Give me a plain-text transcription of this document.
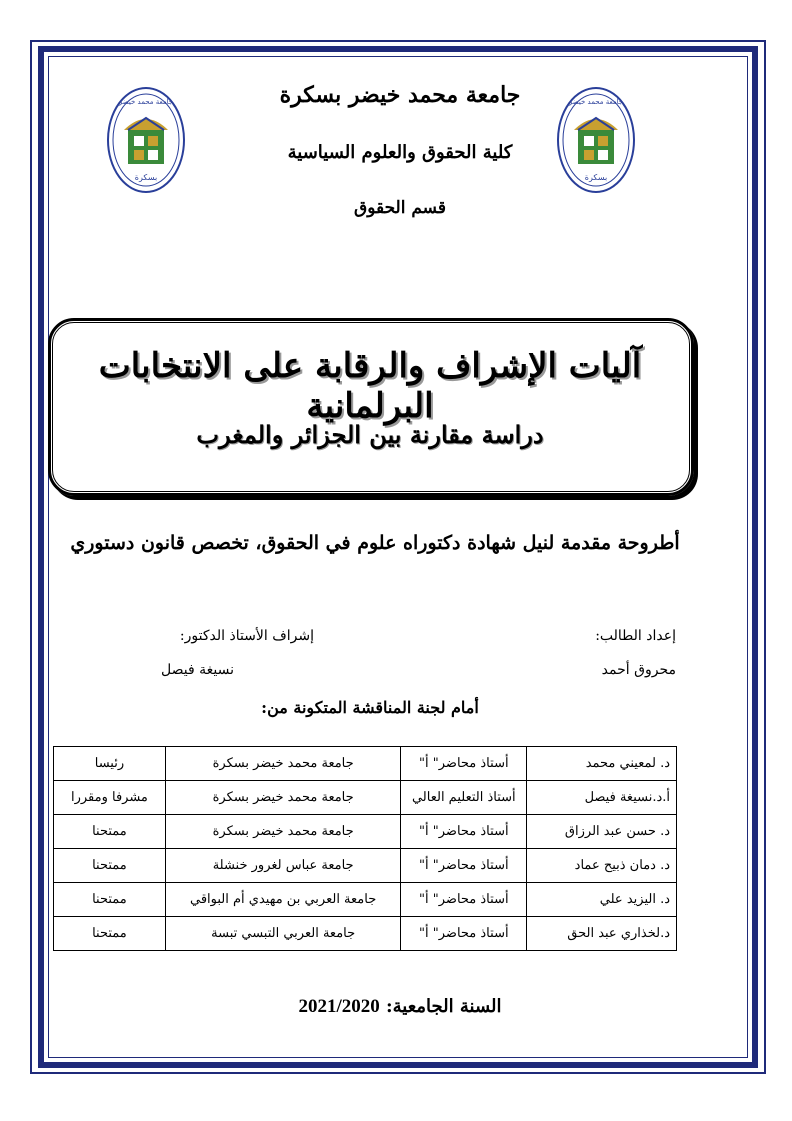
جامعة محمد خيضر
بسكرة
جامعة محمد خيضر
بسكرة
جامعة محمد خيضر بسكرة
كلية الحقوق والعلوم السياسية
قسم الحقوق
آليات الإشراف والرقابة على الانتخابات البرلمانية
دراسة مقارنة بين الجزائر والمغرب
أطروحة مقدمة لنيل شهادة دكتوراه علوم في الحقوق، تخصص قانون دستوري
إعداد الطالب:
محروق أحمد
إشراف الأستاذ الدكتور:
نسيغة فيصل
أمام لجنة المناقشة المتكونة من:
د. لمعيني محمد	أستاذ محاضر" أ"	جامعة محمد خيضر بسكرة	رئيسا
أ.د.نسيغة فيصل	أستاذ التعليم العالي	جامعة محمد خيضر بسكرة	مشرفا ومقررا
د. حسن عبد الرزاق	أستاذ محاضر" أ"	جامعة محمد خيضر بسكرة	ممتحنا
د. دمان ذبيح عماد	أستاذ محاضر" أ"	جامعة عباس لغرور خنشلة	ممتحنا
د. اليزيد علي	أستاذ محاضر" أ"	جامعة العربي بن مهيدي أم البواقي	ممتحنا
د.لخذاري عبد الحق	أستاذ محاضر" أ"	جامعة العربي التبسي تبسة	ممتحنا
السنة الجامعية: 2021/2020
